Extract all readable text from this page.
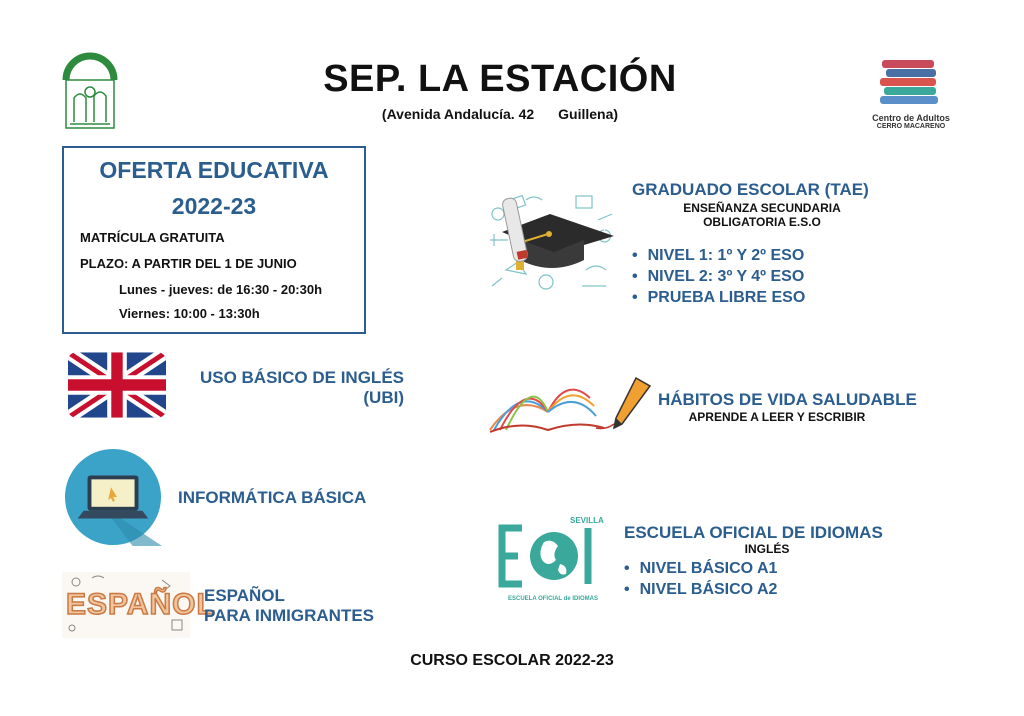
SEP. LA ESTACIÓN
(Avenida Andalucía. 42 Guillena)	Centro de Adultos
CERRO MACARENO
OFERTA EDUCATIVA
2022-23
MATRÍCULA GRATUITA
PLAZO: A PARTIR DEL 1 DE JUNIO
Lunes - jueves: de 16:30 - 20:30h
Viernes: 10:00 - 13:30h
USO BÁSICO DE INGLÉS
(UBI)
INFORMÁTICA BÁSICA
ESPAÑOL
ESPAÑOL
PARA INMIGRANTES
GRADUADO ESCOLAR (TAE)
ENSEÑANZA SECUNDARIA
OBLIGATORIA E.S.O
• NIVEL 1: 1º Y 2º ESO
• NIVEL 2: 3º Y 4º ESO
• PRUEBA LIBRE ESO
HÁBITOS DE VIDA SALUDABLE
APRENDE A LEER Y ESCRIBIR
SEVILLA
ESCUELA OFICIAL de IDIOMAS
ESCUELA OFICIAL DE IDIOMAS
INGLÉS
• NIVEL BÁSICO A1
• NIVEL BÁSICO A2
CURSO ESCOLAR 2022-23
